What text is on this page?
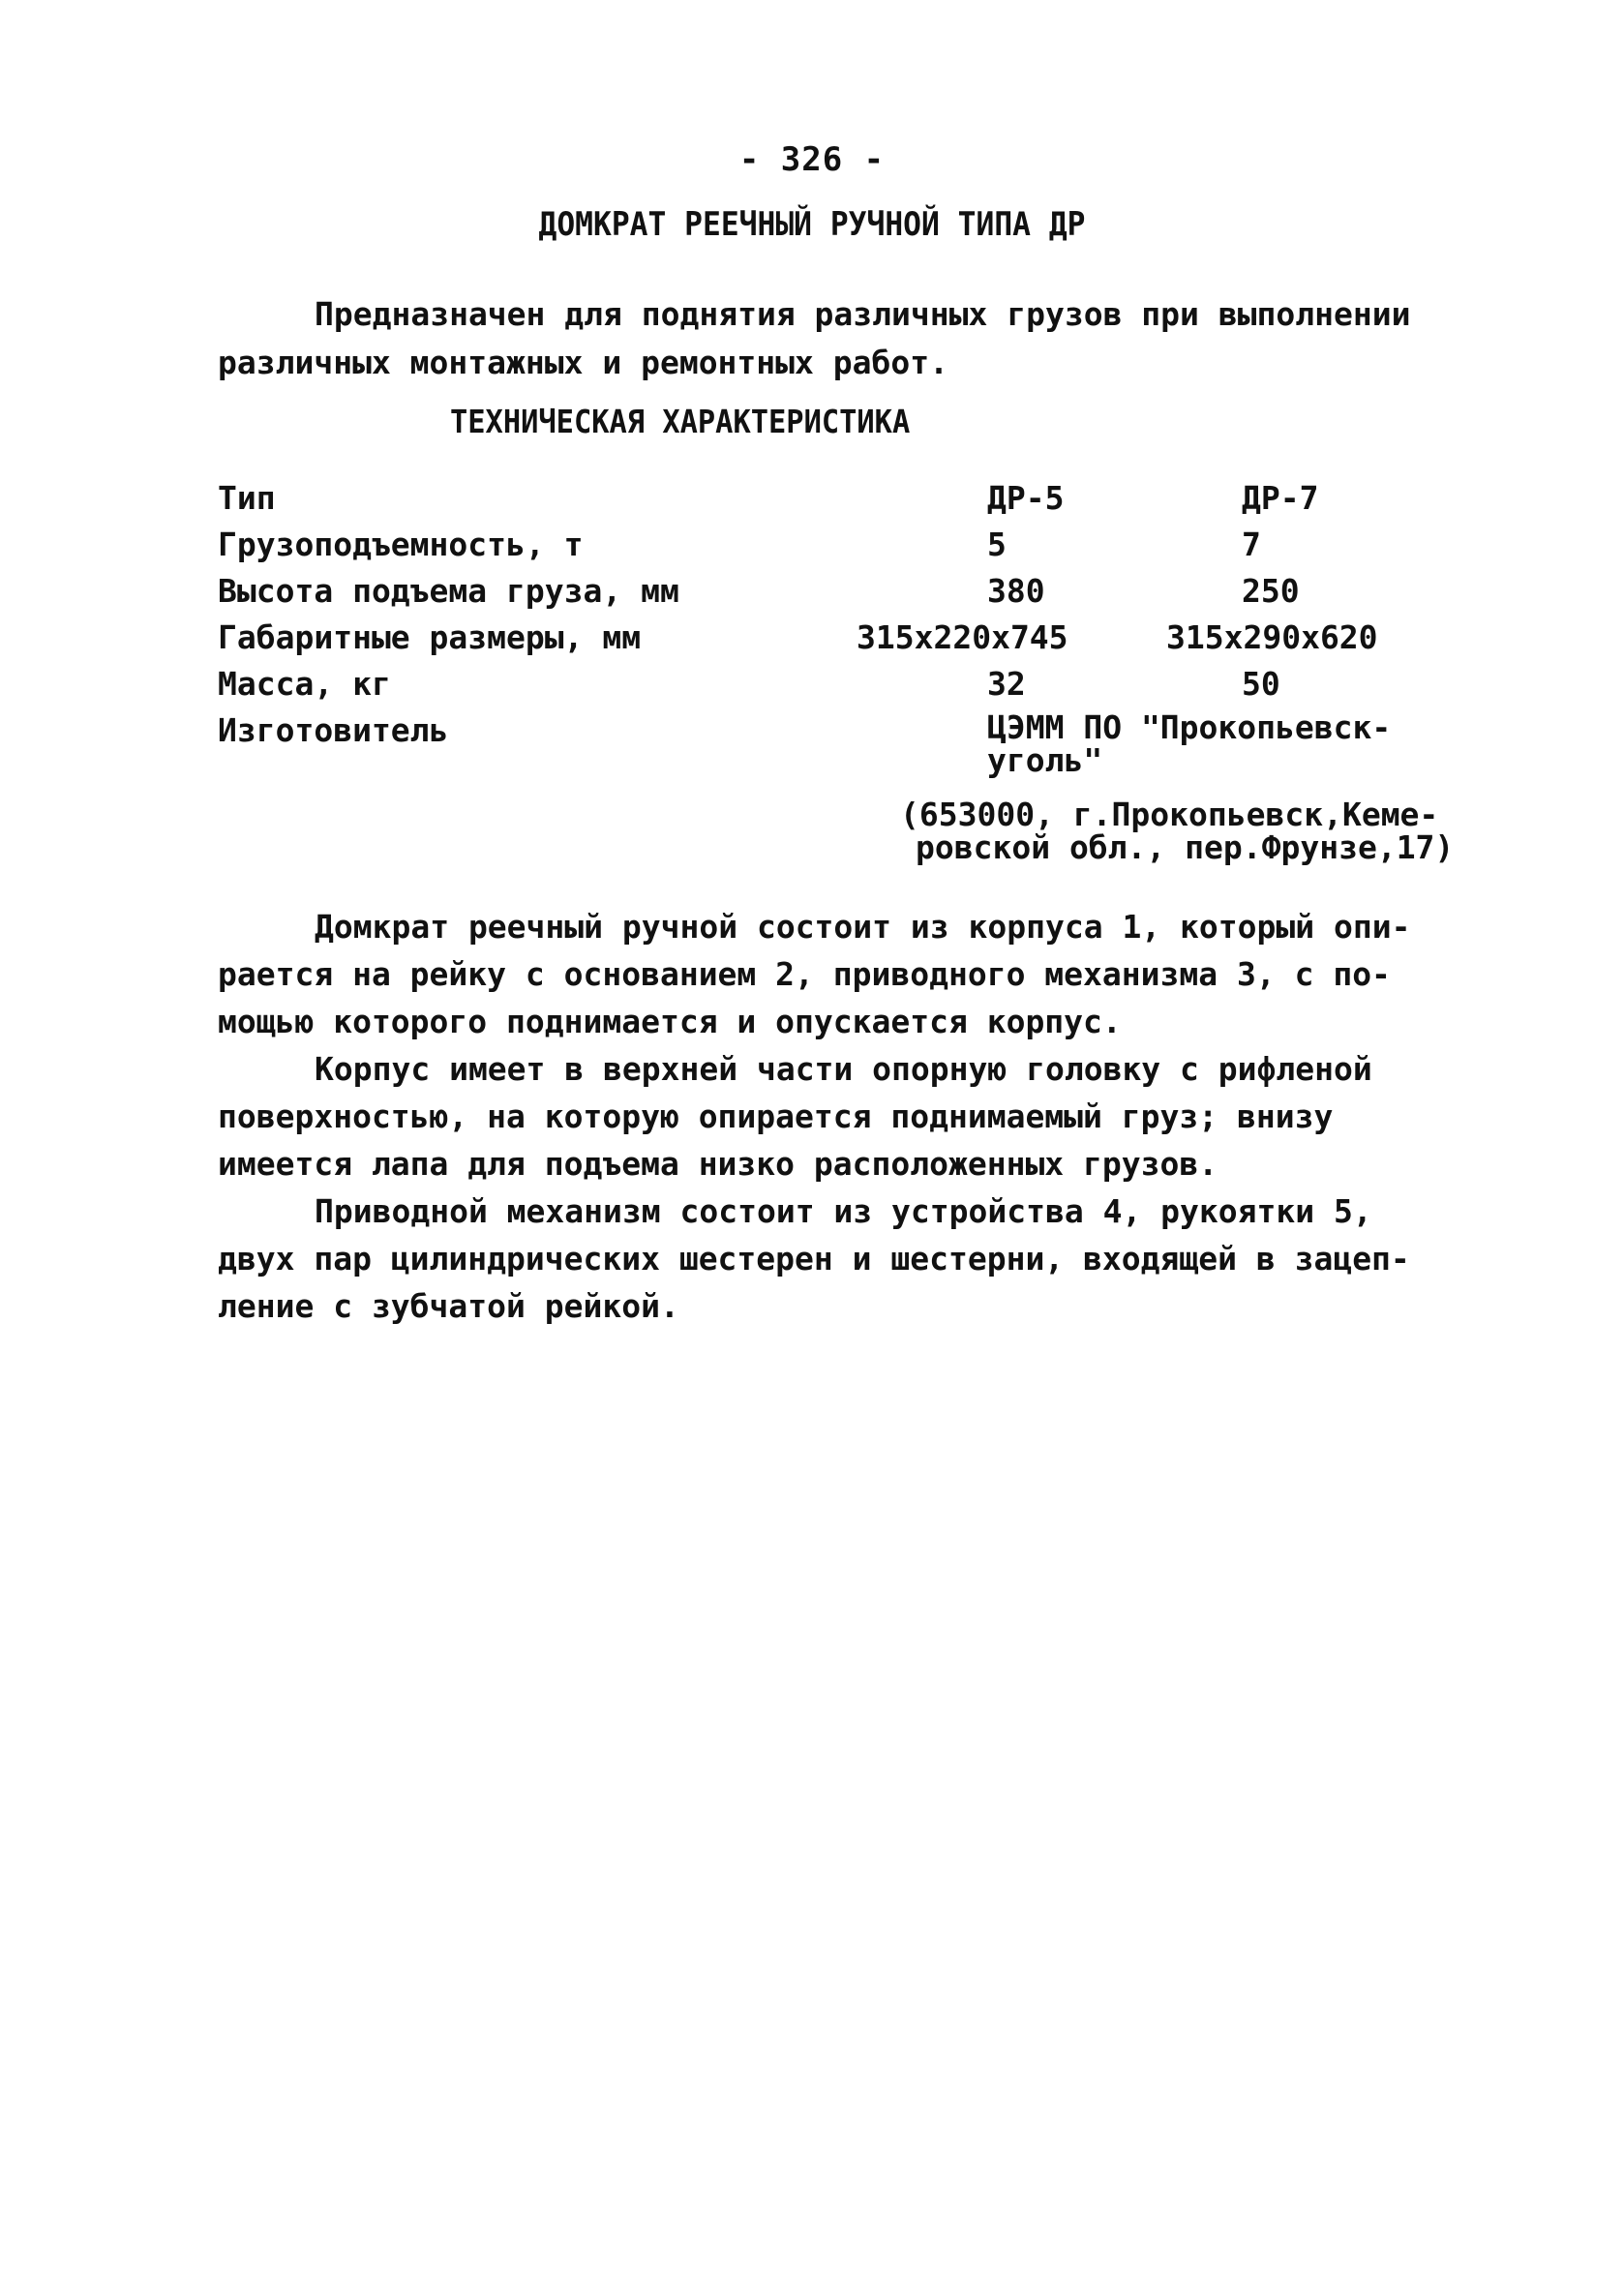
- 326 -
ДОМКРАТ РЕЕЧНЫЙ РУЧНОЙ ТИПА ДР

Предназначен для поднятия различных грузов при выполнении

различных монтажных и ремонтных работ.

ТЕХНИЧЕСКАЯ ХАРАКТЕРИСТИКА
Тип	ДР-5	ДР-7
Грузоподъемность, т	5	7
Высота подъема груза, мм	380	250
Габаритные размеры, мм	315x220x745	315x290x620
Масса, кг	32	50
Изготовитель	ЦЭММ ПО "Прокопьевск-
уголь"
(653000, г.Прокопьевск,Кеме-
ровской обл., пер.Фрунзе,17)
Домкрат реечный ручной состоит из корпуса 1, который опи-
рается на рейку с основанием 2, приводного механизма 3, с по-
мощью которого поднимается и опускается корпус.
Корпус имеет в верхней части опорную головку с рифленой
поверхностью, на которую опирается поднимаемый груз; внизу
имеется лапа для подъема низко расположенных грузов.
Приводной механизм состоит из устройства 4, рукоятки 5,
двух пар цилиндрических шестерен и шестерни, входящей в зацеп-
ление с зубчатой рейкой.
